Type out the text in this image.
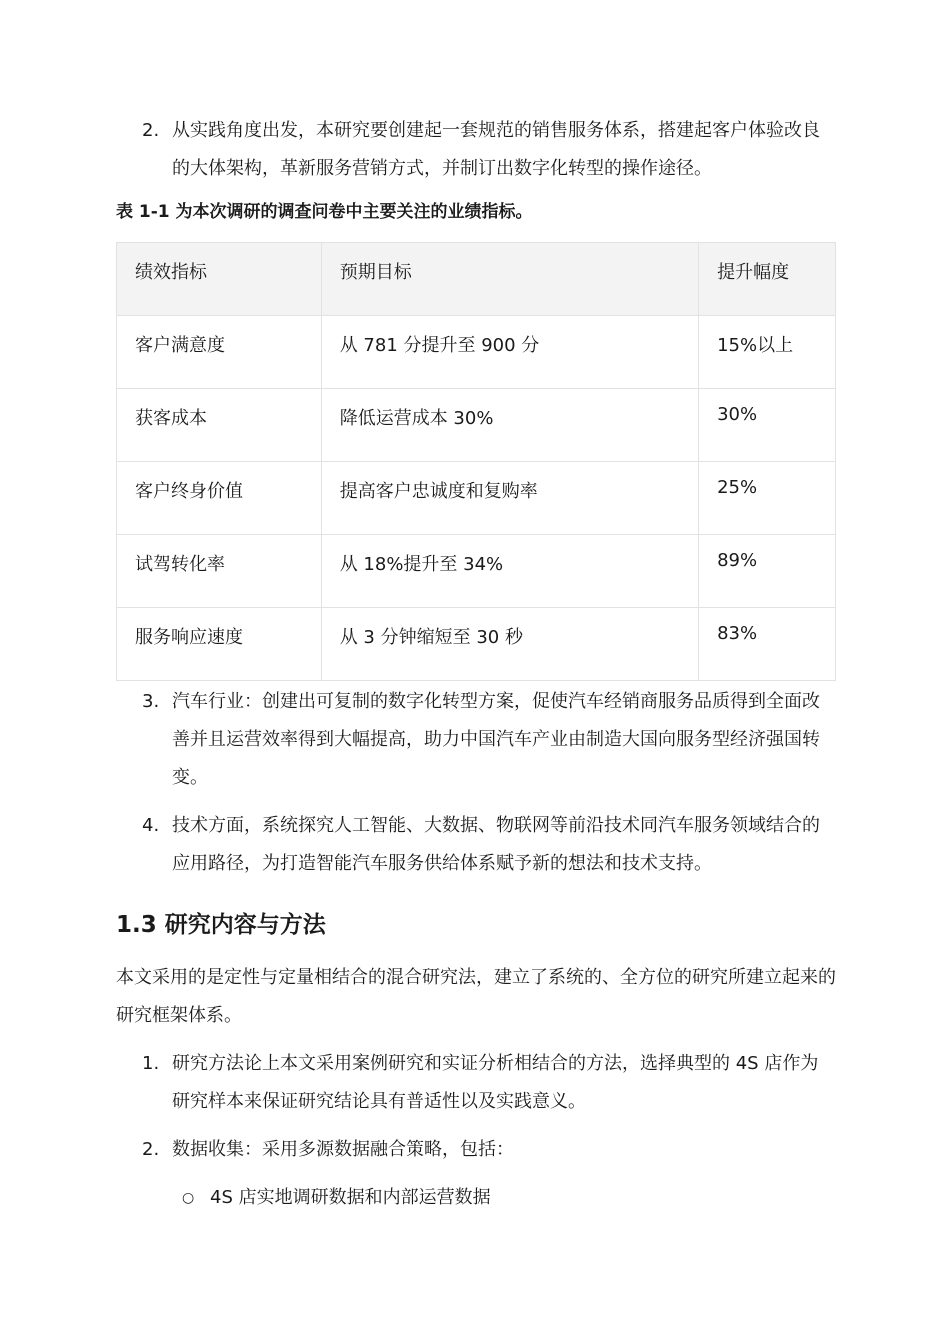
2. 从实践角度出发，本研究要创建起一套规范的销售服务体系，搭建起客户体验改良的大体架构，革新服务营销方式，并制订出数字化转型的操作途径。
表 1-1 为本次调研的调查问卷中主要关注的业绩指标。
绩效指标	预期目标	提升幅度
客户满意度	从 781 分提升至 900 分	15%以上
获客成本	降低运营成本 30%	30%
客户终身价值	提高客户忠诚度和复购率	25%
试驾转化率	从 18%提升至 34%	89%
服务响应速度	从 3 分钟缩短至 30 秒	83%
3. 汽车行业：创建出可复制的数字化转型方案，促使汽车经销商服务品质得到全面改善并且运营效率得到大幅提高，助力中国汽车产业由制造大国向服务型经济强国转变。
4. 技术方面，系统探究人工智能、大数据、物联网等前沿技术同汽车服务领域结合的应用路径，为打造智能汽车服务供给体系赋予新的想法和技术支持。
1.3 研究内容与方法

本文采用的是定性与定量相结合的混合研究法，建立了系统的、全方位的研究所建立起来的研究框架体系。

1. 研究方法论上本文采用案例研究和实证分析相结合的方法，选择典型的 4S 店作为研究样本来保证研究结论具有普适性以及实践意义。
2. 数据收集：采用多源数据融合策略，包括：
○ 4S 店实地调研数据和内部运营数据
